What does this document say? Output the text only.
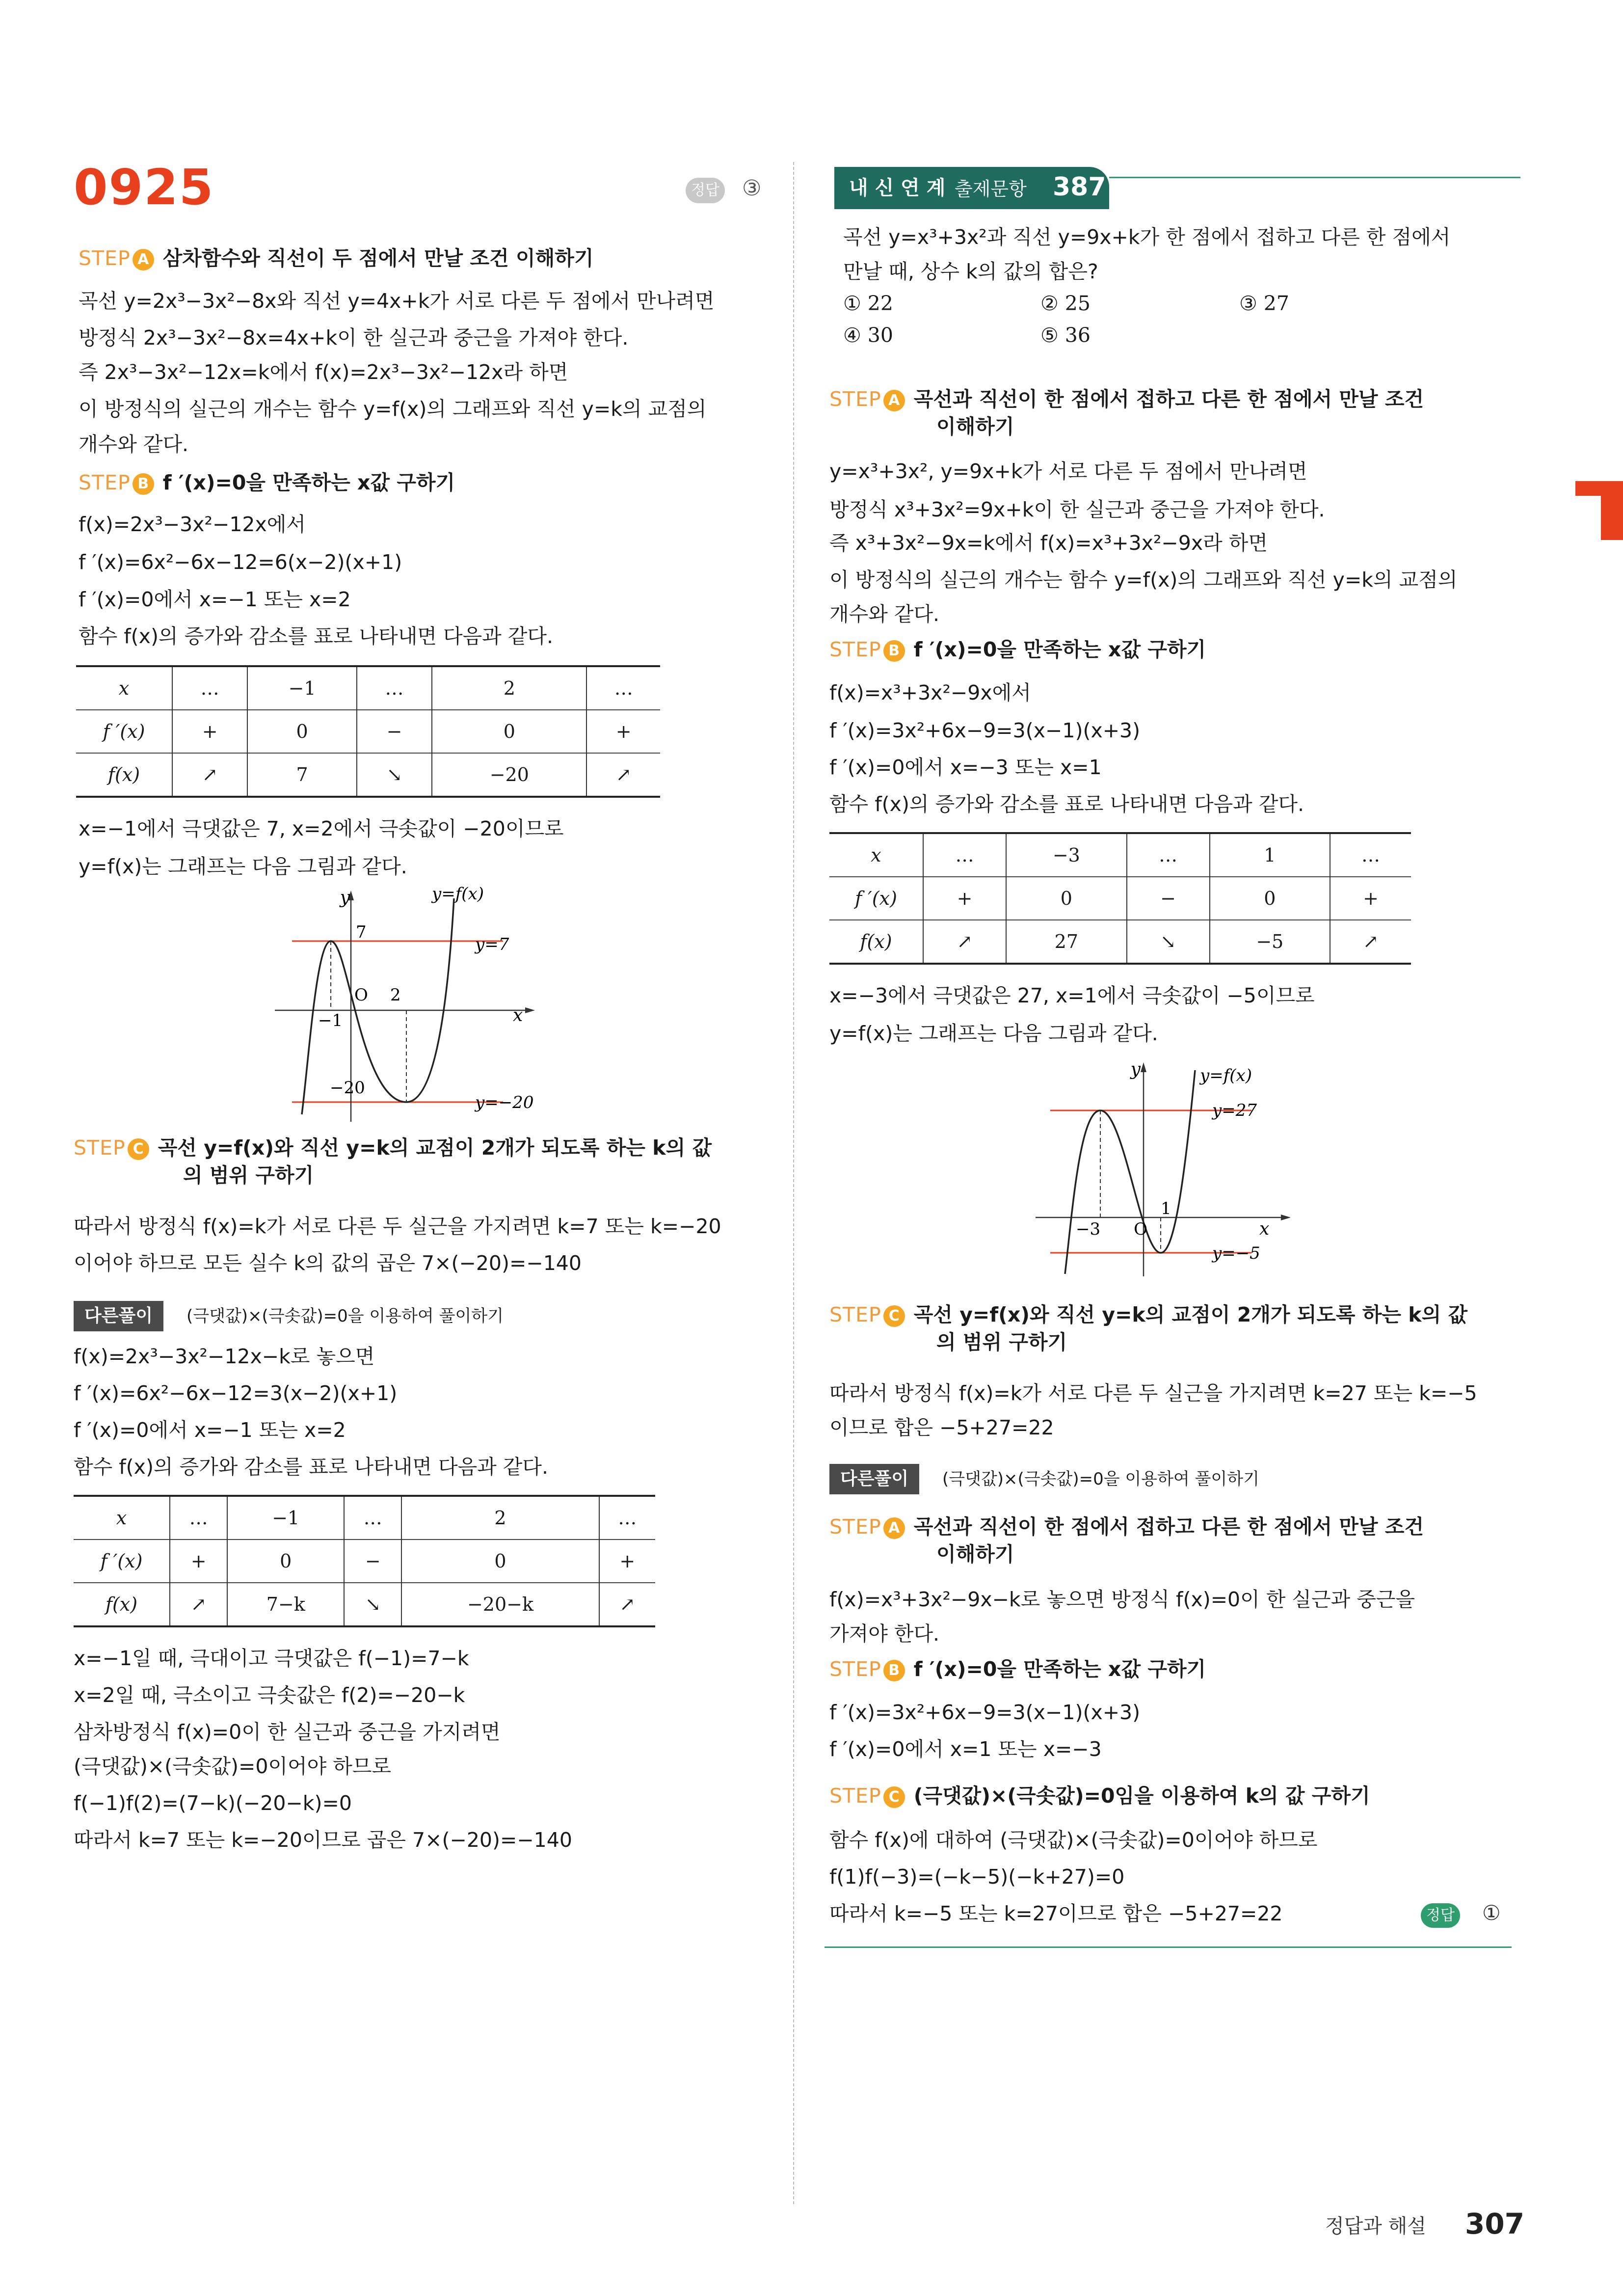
0925	정답 ③
STEP A 삼차함수와 직선이 두 점에서 만날 조건 이해하기
곡선 y=2x³−3x²−8x와 직선 y=4x+k가 서로 다른 두 점에서 만나려면
방정식 2x³−3x²−8x=4x+k이 한 실근과 중근을 가져야 한다.
즉 2x³−3x²−12x=k에서 f(x)=2x³−3x²−12x라 하면
이 방정식의 실근의 개수는 함수 y=f(x)의 그래프와 직선 y=k의 교점의
개수와 같다.
STEP B f ′(x)=0을 만족하는 x값 구하기
f(x)=2x³−3x²−12x에서
f ′(x)=6x²−6x−12=6(x−2)(x+1)
f ′(x)=0에서 x=−1 또는 x=2
함수 f(x)의 증가와 감소를 표로 나타내면 다음과 같다.
x	…	−1	…	2	…
f ′(x)	+	0	−	0	+
f(x)	↗	7	↘	−20	↗
x=−1에서 극댓값은 7, x=2에서 극솟값이 −20이므로
y=f(x)는 그래프는 다음 그림과 같다.
y
x
7
O 2
−1
−20
y=f(x)
y=7
y=−20
STEP C 곡선 y=f(x)와 직선 y=k의 교점이 2개가 되도록 하는 k의 값
의 범위 구하기
따라서 방정식 f(x)=k가 서로 다른 두 실근을 가지려면 k=7 또는 k=−20
이어야 하므로 모든 실수 k의 값의 곱은 7×(−20)=−140
다른풀이	(극댓값)×(극솟값)=0을 이용하여 풀이하기
f(x)=2x³−3x²−12x−k로 놓으면
f ′(x)=6x²−6x−12=3(x−2)(x+1)
f ′(x)=0에서 x=−1 또는 x=2
함수 f(x)의 증가와 감소를 표로 나타내면 다음과 같다.
x	…	−1	…	2	…
f ′(x)	+	0	−	0	+
f(x)	↗	7−k	↘	−20−k	↗
x=−1일 때, 극대이고 극댓값은 f(−1)=7−k
x=2일 때, 극소이고 극솟값은 f(2)=−20−k
삼차방정식 f(x)=0이 한 실근과 중근을 가지려면
(극댓값)×(극솟값)=0이어야 하므로
f(−1)f(2)=(7−k)(−20−k)=0
따라서 k=7 또는 k=−20이므로 곱은 7×(−20)=−140
내 신 연 계 출제문항 387
곡선 y=x³+3x²과 직선 y=9x+k가 한 점에서 접하고 다른 한 점에서
만날 때, 상수 k의 값의 합은?
① 22	② 25	③ 27
④ 30	⑤ 36
STEP A 곡선과 직선이 한 점에서 접하고 다른 한 점에서 만날 조건
이해하기
y=x³+3x², y=9x+k가 서로 다른 두 점에서 만나려면
방정식 x³+3x²=9x+k이 한 실근과 중근을 가져야 한다.
즉 x³+3x²−9x=k에서 f(x)=x³+3x²−9x라 하면
이 방정식의 실근의 개수는 함수 y=f(x)의 그래프와 직선 y=k의 교점의
개수와 같다.
STEP B f ′(x)=0을 만족하는 x값 구하기
f(x)=x³+3x²−9x에서
f ′(x)=3x²+6x−9=3(x−1)(x+3)
f ′(x)=0에서 x=−3 또는 x=1
함수 f(x)의 증가와 감소를 표로 나타내면 다음과 같다.
x	…	−3	…	1	…
f ′(x)	+	0	−	0	+
f(x)	↗	27	↘	−5	↗
x=−3에서 극댓값은 27, x=1에서 극솟값이 −5이므로
y=f(x)는 그래프는 다음 그림과 같다.
y
x
O
1
−3
y=f(x)
y=27
y=−5
STEP C 곡선 y=f(x)와 직선 y=k의 교점이 2개가 되도록 하는 k의 값
의 범위 구하기
따라서 방정식 f(x)=k가 서로 다른 두 실근을 가지려면 k=27 또는 k=−5
이므로 합은 −5+27=22
다른풀이	(극댓값)×(극솟값)=0을 이용하여 풀이하기
STEP A 곡선과 직선이 한 점에서 접하고 다른 한 점에서 만날 조건
이해하기
f(x)=x³+3x²−9x−k로 놓으면 방정식 f(x)=0이 한 실근과 중근을
가져야 한다.
STEP B f ′(x)=0을 만족하는 x값 구하기
f ′(x)=3x²+6x−9=3(x−1)(x+3)
f ′(x)=0에서 x=1 또는 x=−3
STEP C (극댓값)×(극솟값)=0임을 이용하여 k의 값 구하기
함수 f(x)에 대하여 (극댓값)×(극솟값)=0이어야 하므로
f(1)f(−3)=(−k−5)(−k+27)=0
따라서 k=−5 또는 k=27이므로 합은 −5+27=22	정답 ①
정답과 해설 307
